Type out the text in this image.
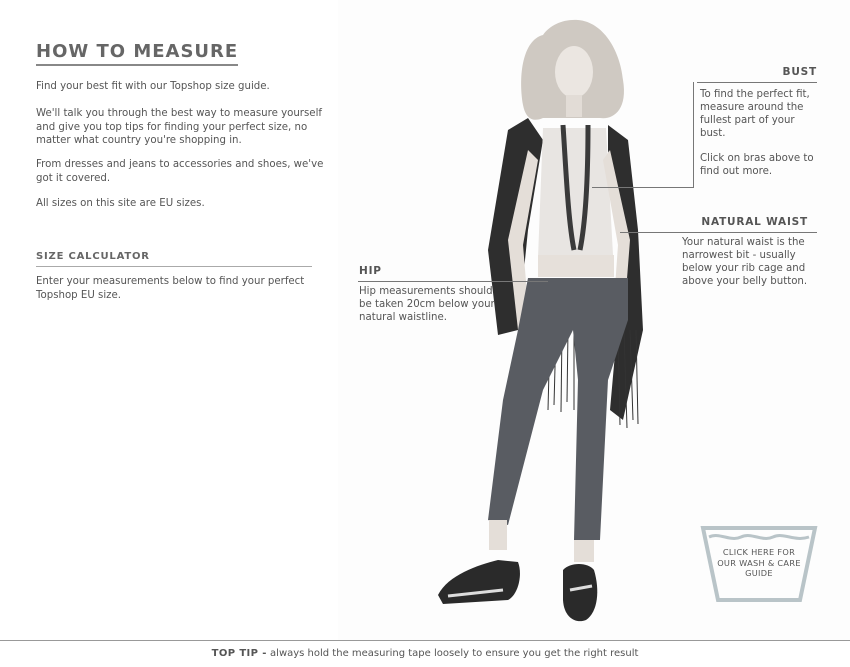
HOW TO MEASURE

Find your best fit with our Topshop size guide.

We'll talk you through the best way to measure yourself and give you top tips for finding your perfect size, no matter what country you're shopping in.

From dresses and jeans to accessories and shoes, we've got it covered.

All sizes on this site are EU sizes.

SIZE CALCULATOR

Enter your measurements below to find your perfect Topshop EU size.

BUST

To find the perfect fit, measure around the fullest part of your bust.

Click on bras above to find out more.

NATURAL WAIST

Your natural waist is the narrowest bit - usually below your rib cage and above your belly button.

HIP

Hip measurements should be taken 20cm below your natural waistline.

CLICK HERE FOR OUR WASH & CARE GUIDE
TOP TIP - always hold the measuring tape loosely to ensure you get the right result
